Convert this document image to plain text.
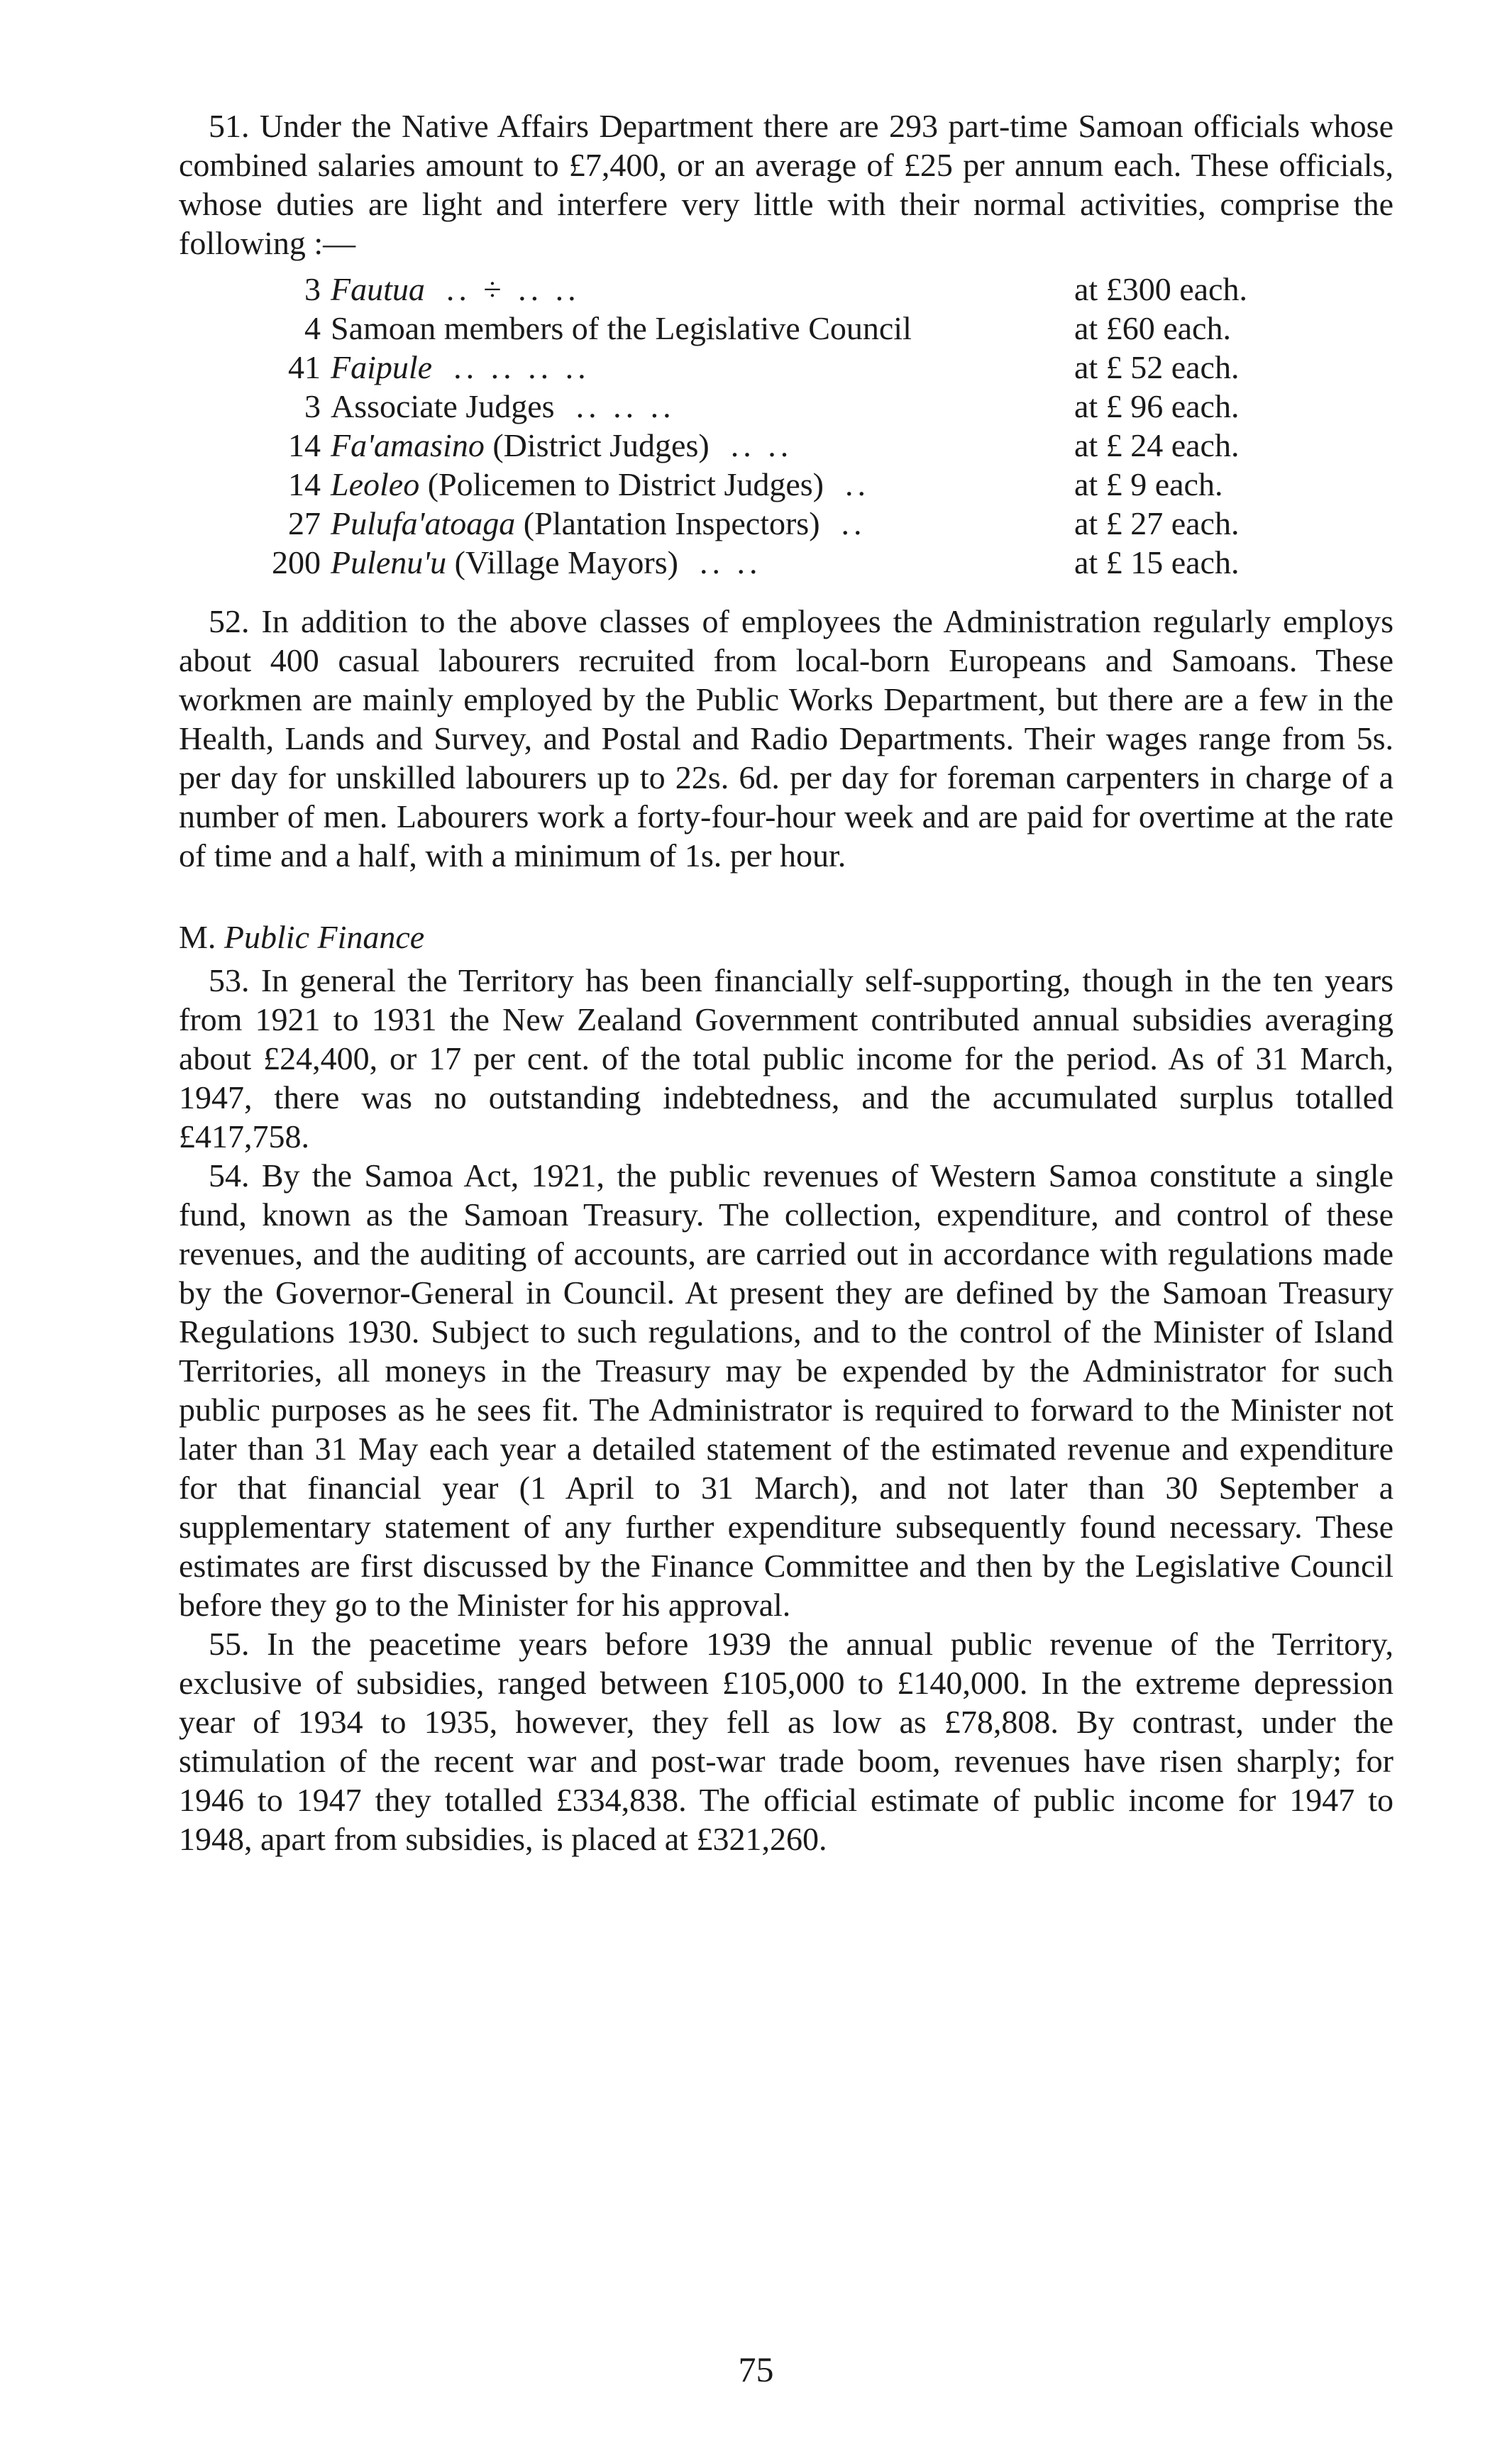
51. Under the Native Affairs Department there are 293 part-time Samoan officials whose combined salaries amount to £7,400, or an average of £25 per annum each. These officials, whose duties are light and interfere very little with their normal activities, comprise the following :—

3	Fautua .. ÷ .. ..	at £300 each.
4	Samoan members of the Legislative Council	at £60 each.
41	Faipule .. .. .. ..	at £ 52 each.
3	Associate Judges .. .. ..	at £ 96 each.
14	Fa'amasino (District Judges) .. ..	at £ 24 each.
14	Leoleo (Policemen to District Judges) ..	at £ 9 each.
27	Pulufa'atoaga (Plantation Inspectors) ..	at £ 27 each.
200	Pulenu'u (Village Mayors) .. ..	at £ 15 each.

52. In addition to the above classes of employees the Administration regularly employs about 400 casual labourers recruited from local-born Europeans and Samoans. These workmen are mainly employed by the Public Works Department, but there are a few in the Health, Lands and Survey, and Postal and Radio Departments. Their wages range from 5s. per day for unskilled labourers up to 22s. 6d. per day for foreman carpenters in charge of a number of men. Labourers work a forty-four-hour week and are paid for overtime at the rate of time and a half, with a minimum of 1s. per hour.

M. Public Finance

53. In general the Territory has been financially self-supporting, though in the ten years from 1921 to 1931 the New Zealand Government contributed annual subsidies averaging about £24,400, or 17 per cent. of the total public income for the period. As of 31 March, 1947, there was no outstanding indebtedness, and the accumulated surplus totalled £417,758.

54. By the Samoa Act, 1921, the public revenues of Western Samoa constitute a single fund, known as the Samoan Treasury. The collection, expenditure, and control of these revenues, and the auditing of accounts, are carried out in accordance with regulations made by the Governor-General in Council. At present they are defined by the Samoan Treasury Regulations 1930. Subject to such regulations, and to the control of the Minister of Island Territories, all moneys in the Treasury may be expended by the Administrator for such public purposes as he sees fit. The Administrator is required to forward to the Minister not later than 31 May each year a detailed statement of the estimated revenue and expenditure for that financial year (1 April to 31 March), and not later than 30 September a supplementary statement of any further expenditure subsequently found necessary. These estimates are first discussed by the Finance Committee and then by the Legislative Council before they go to the Minister for his approval.

55. In the peacetime years before 1939 the annual public revenue of the Territory, exclusive of subsidies, ranged between £105,000 to £140,000. In the extreme depression year of 1934 to 1935, however, they fell as low as £78,808. By contrast, under the stimulation of the recent war and post-war trade boom, revenues have risen sharply; for 1946 to 1947 they totalled £334,838. The official estimate of public income for 1947 to 1948, apart from subsidies, is placed at £321,260.

75
